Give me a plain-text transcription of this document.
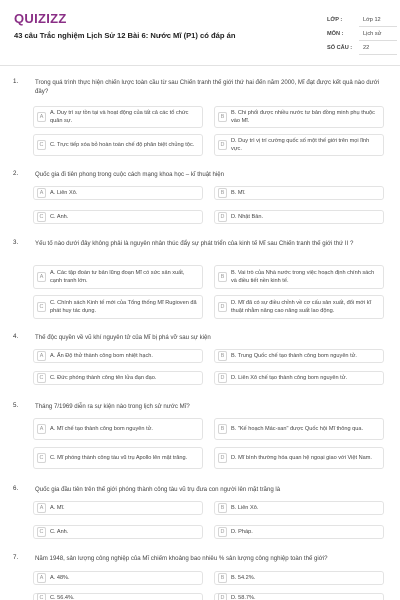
QUIZIZZ
43 câu Trắc nghiệm Lịch Sử 12 Bài 6: Nước Mĩ (P1) có đáp án
LỚP :	Lớp 12
MÔN :	Lịch sử
SỐ CÂU : 22
1.	Trong quá trình thực hiện chiến lược toàn cầu từ sau Chiến tranh thế giới thứ hai đến năm 2000, Mĩ đạt được kết quả nào dưới đây?
A
A. Duy trì sự tồn tại và hoạt động của tất cả các tổ chức quân sự.
B
B. Chi phối được nhiều nước tư bản đồng minh phụ thuộc vào Mĩ.
C	C. Trực tiếp xóa bỏ hoàn toàn chế độ phân biệt chủng tộc.	D
D. Duy trì vị trí cường quốc số một thế giới trên mọi lĩnh vực.
2.	Quốc gia đi tiên phong trong cuộc cách mạng khoa học – kĩ thuật hiện
A	A. Liên Xô.	B	B. Mĩ.
C	C. Anh.	D	D. Nhật Bản.
3.	Yếu tố nào dưới đây không phải là nguyên nhân thúc đẩy sự phát triển của kinh tế Mĩ sau Chiến tranh thế giới thứ II ?
A
A. Các tập đoàn tư bản lũng đoạn Mĩ có sức sản xuất, cạnh tranh lớn.
B
B. Vai trò của Nhà nước trong việc hoạch định chính sách và điều tiết nền kinh tế.
C
C. Chính sách Kinh tế mới của Tổng thống Mĩ Rugioven đã phát huy tác dụng.
D
D. Mĩ đã có sự điều chỉnh về cơ cấu sản xuất, đổi mới kĩ thuật nhằm nâng cao năng suất lao động.
4.	Thế độc quyền về vũ khí nguyên tử của Mĩ bị phá vỡ sau sự kiện
A	A. Ấn Độ thử thành công bom nhiệt hạch.	B	B. Trung Quốc chế tạo thành công bom nguyên tử.
C	C. Đức phóng thành công tên lửa đạn đạo.	D	D. Liên Xô chế tạo thành công bom nguyên tử.
5.	Tháng 7/1969 diễn ra sự kiện nào trong lịch sử nước Mĩ?
A	A. Mĩ chế tạo thành công bom nguyên tử.	B	B. "Kế hoạch Mác-san" được Quốc hội Mĩ thông qua.
C	C. Mĩ phóng thành công tàu vũ trụ Apollo lên mặt trăng.	D	D. Mĩ bình thường hóa quan hệ ngoại giao với Việt Nam.
6.	Quốc gia đầu tiên trên thế giới phóng thành công tàu vũ trụ đưa con người lên mặt trăng là
A	A. Mĩ.	B	B. Liên Xô.
C	C. Anh.	D	D. Pháp.
7.	Năm 1948, sản lượng công nghiệp của Mĩ chiếm khoảng bao nhiêu % sản lượng công nghiệp toàn thế giới?
A	A. 48%.	B	B. 54.2%.
C	C. 56.4%.	D	D. 58.7%.
